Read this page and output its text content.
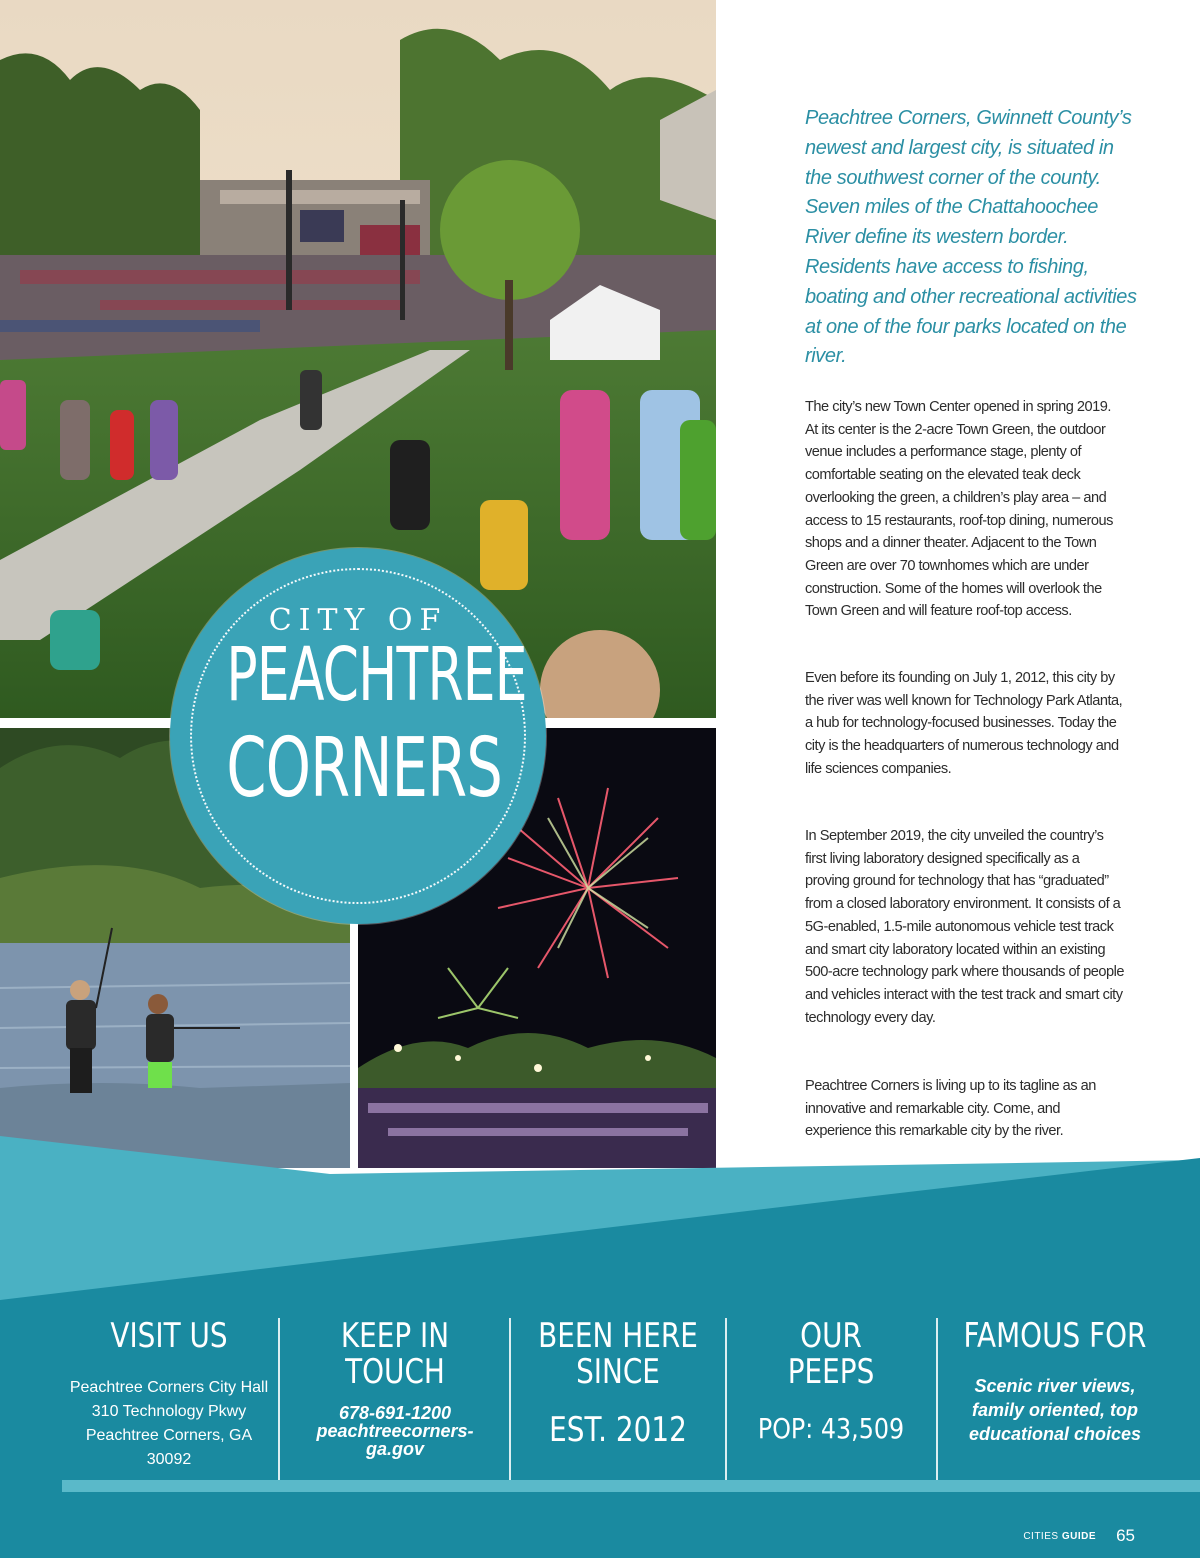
CITY OF
PEACHTREE
CORNERS
Peachtree Corners, Gwinnett County’s newest and largest city, is situated in the southwest corner of the county. Seven miles of the Chattahoochee River define its western border. Residents have access to fishing, boating and other recreational activities at one of the four parks located on the river.
The city’s new Town Center opened in spring 2019. At its center is the 2-acre Town Green, the outdoor venue includes a performance stage, plenty of comfortable seating on the elevated teak deck overlooking the green, a children’s play area – and access to 15 restaurants, roof-top dining, numerous shops and a dinner theater. Adjacent to the Town Green are over 70 townhomes which are under construction. Some of the homes will overlook the Town Green and will feature roof-top access.
Even before its founding on July 1, 2012, this city by the river was well known for Technology Park Atlanta, a hub for technology-focused businesses. Today the city is the headquarters of numerous technology and life sciences companies.
In September 2019, the city unveiled the country’s first living laboratory designed specifically as a proving ground for technology that has “graduated” from a closed laboratory environment. It consists of a 5G-enabled, 1.5-mile autonomous vehicle test track and smart city laboratory located within an existing 500-acre technology park where thousands of people and vehicles interact with the test track and smart city technology every day.
Peachtree Corners is living up to its tagline as an innovative and remarkable city. Come, and experience this remarkable city by the river.
VISIT US
Peachtree Corners City Hall
310 Technology Pkwy
Peachtree Corners, GA
30092
KEEP IN
TOUCH
678-691-1200
peachtreecorners-
ga.gov
BEEN HERE
SINCE
EST. 2012
OUR
PEEPS
POP: 43,509
FAMOUS FOR
Scenic river views,
family oriented, top
educational choices
CITIES GUIDE 65
